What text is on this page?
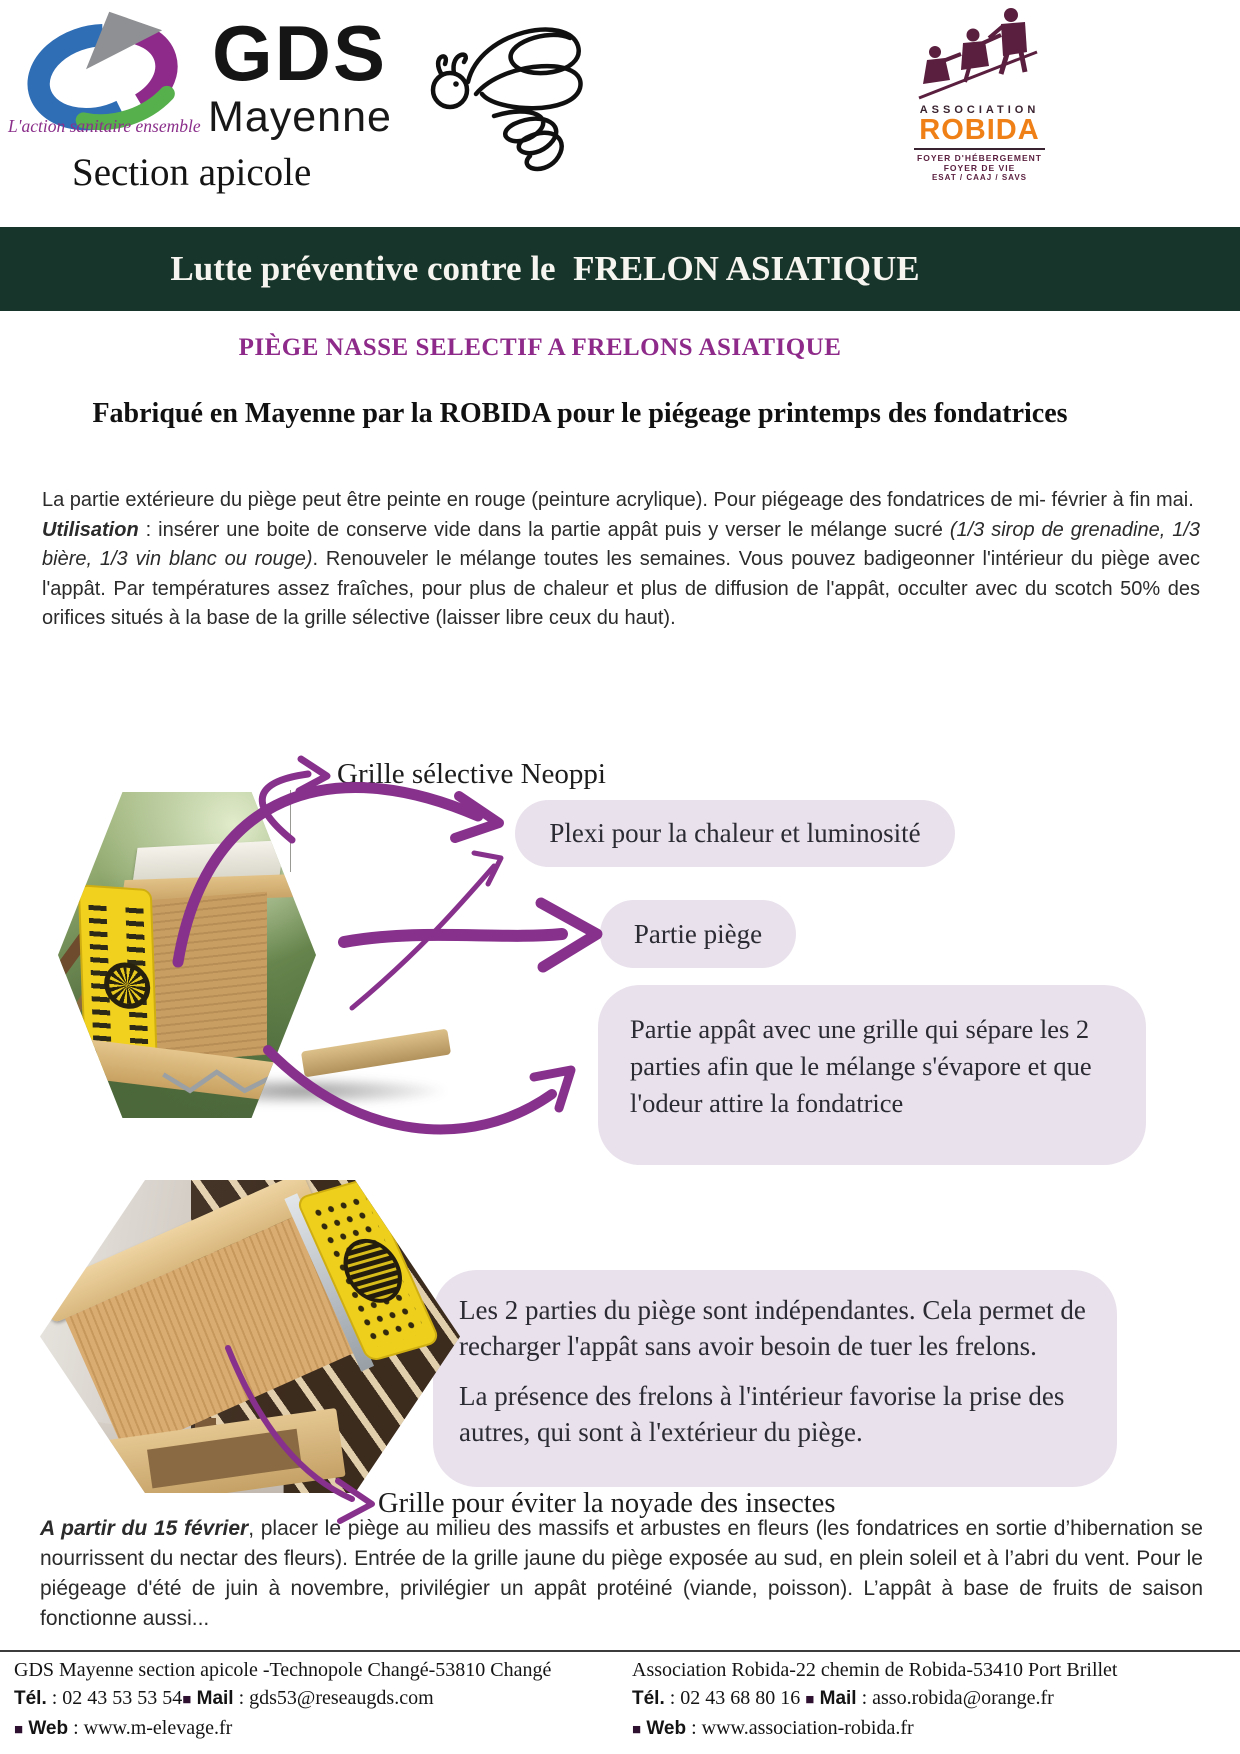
L'action sanitaire ensemble
GDS
Mayenne
Section apicole
ASSOCIATION
ROBIDA
FOYER D'HÉBERGEMENT
FOYER DE VIE
ESAT / CAAJ / SAVS
Lutte préventive contre le  FRELON ASIATIQUE
PIÈGE NASSE SELECTIF A FRELONS ASIATIQUE
Fabriqué en Mayenne par la ROBIDA pour le piégeage printemps des fondatrices

La partie extérieure du piège peut être peinte en rouge (peinture acrylique). Pour piégeage des fondatrices de mi- février à fin mai.

Utilisation : insérer une boite de conserve vide dans la partie appât puis y verser le mélange sucré (1/3 sirop de grenadine, 1/3 bière, 1/3 vin blanc ou rouge). Renouveler le mélange toutes les semaines. Vous pouvez badigeonner l'intérieur du piège avec l'appât. Par températures assez fraîches, pour plus de chaleur et plus de diffusion de l'appât, occulter avec du scotch 50% des orifices situés à la base de la grille sélective (laisser libre ceux du haut).

Grille sélective Neoppi
Plexi pour la chaleur et luminosité
Partie piège
Partie appât avec une grille qui sépare les 2 parties afin que le mélange s'évapore et que l'odeur attire la fondatrice

Les 2 parties du piège sont indépendantes. Cela permet de recharger l'appât sans avoir besoin de tuer les frelons.

La présence des frelons à l'intérieur favorise la prise des autres, qui sont à l'extérieur du piège.

Grille pour éviter la noyade des insectes
A partir du 15 février, placer le piège au milieu des massifs et arbustes en fleurs (les fondatrices en sortie d’hibernation se nourrissent du nectar des fleurs). Entrée de la grille jaune du piège exposée au sud, en plein soleil et à l’abri du vent. Pour le piégeage d'été de juin à novembre, privilégier un appât protéiné (viande, poisson). L’appât à base de fruits de saison fonctionne aussi...
GDS Mayenne section apicole -Technopole Changé-53810 Changé
Tél. : 02 43 53 53 54■ Mail : gds53@reseaugds.com
■ Web : www.m-elevage.fr
Association Robida-22 chemin de Robida-53410 Port Brillet
Tél. : 02 43 68 80 16 ■ Mail : asso.robida@orange.fr
■ Web : www.association-robida.fr
